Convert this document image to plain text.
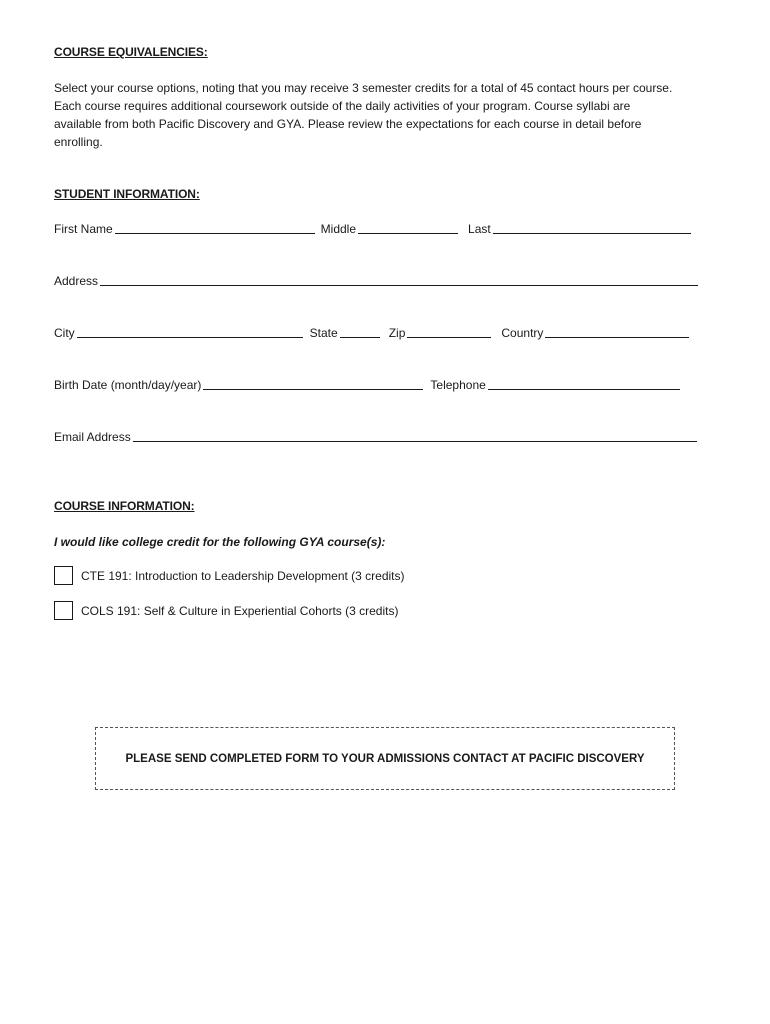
COURSE EQUIVALENCIES:

Select your course options, noting that you may receive 3 semester credits for a total of 45 contact hours per course.
Each course requires additional coursework outside of the daily activities of your program. Course syllabi are
available from both Pacific Discovery and GYA. Please review the expectations for each course in detail before
enrolling.

STUDENT INFORMATION:
First Name	Middle	Last
Address
City	State	Zip	Country
Birth Date (month/day/year)	Telephone
Email Address
COURSE INFORMATION:
I would like college credit for the following GYA course(s):
CTE 191: Introduction to Leadership Development (3 credits)
COLS 191: Self & Culture in Experiential Cohorts (3 credits)
PLEASE SEND COMPLETED FORM TO YOUR ADMISSIONS CONTACT AT PACIFIC DISCOVERY
